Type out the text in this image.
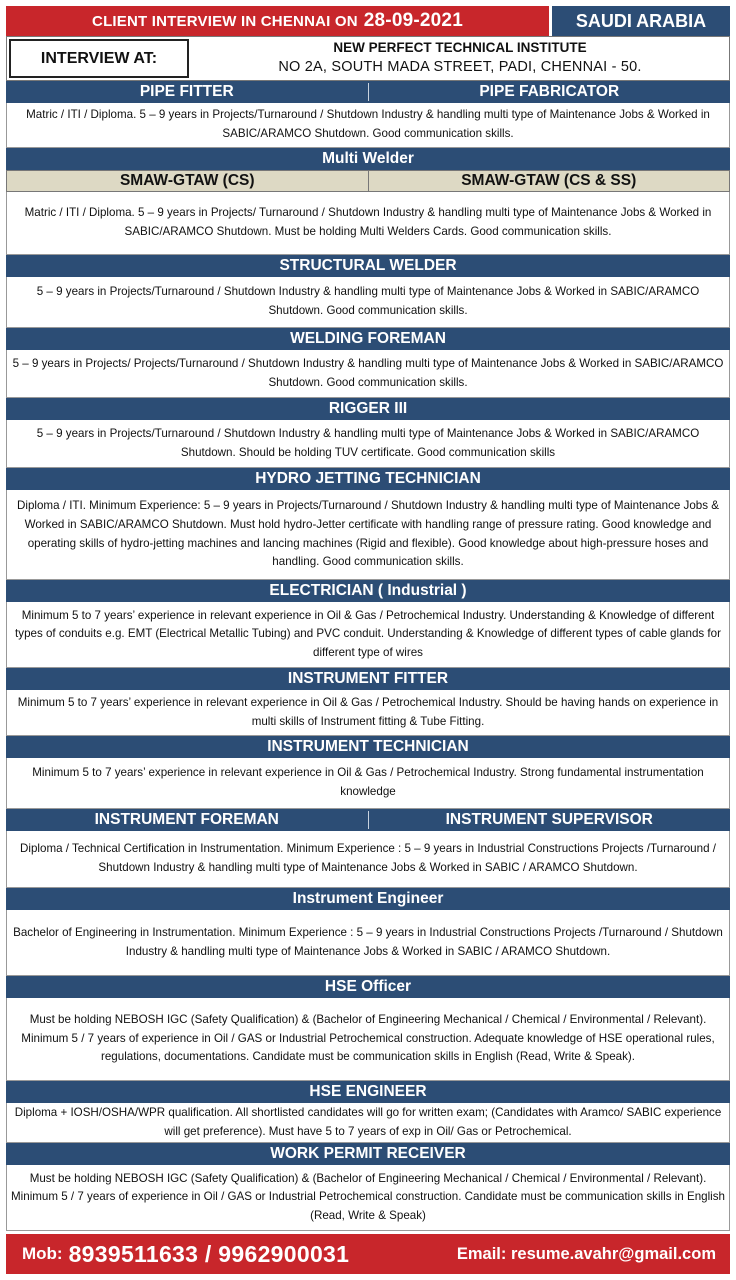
CLIENT INTERVIEW IN CHENNAI ON 28-09-2021	SAUDI ARABIA
INTERVIEW AT:
NEW PERFECT TECHNICAL INSTITUTE
NO 2A, SOUTH MADA STREET, PADI, CHENNAI - 50.
PIPE FITTER	PIPE FABRICATOR
Matric / ITI / Diploma. 5 – 9 years in Projects/Turnaround / Shutdown Industry & handling multi type of Maintenance Jobs & Worked in SABIC/ARAMCO Shutdown. Good communication skills.
Multi Welder
SMAW-GTAW (CS)	SMAW-GTAW (CS & SS)
Matric / ITI / Diploma. 5 – 9 years in Projects/ Turnaround / Shutdown Industry & handling multi type of Maintenance Jobs & Worked in SABIC/ARAMCO Shutdown. Must be holding Multi Welders Cards. Good communication skills.
STRUCTURAL WELDER
5 – 9 years in Projects/Turnaround / Shutdown Industry & handling multi type of Maintenance Jobs & Worked in SABIC/ARAMCO Shutdown. Good communication skills.
WELDING FOREMAN
5 – 9 years in Projects/ Projects/Turnaround / Shutdown Industry & handling multi type of Maintenance Jobs & Worked in SABIC/ARAMCO Shutdown. Good communication skills.
RIGGER III
5 – 9 years in Projects/Turnaround / Shutdown Industry & handling multi type of Maintenance Jobs & Worked in SABIC/ARAMCO Shutdown. Should be holding TUV certificate. Good communication skills
HYDRO JETTING TECHNICIAN
Diploma / ITI. Minimum Experience: 5 – 9 years in Projects/Turnaround / Shutdown Industry & handling multi type of Maintenance Jobs & Worked in SABIC/ARAMCO Shutdown. Must hold hydro-Jetter certificate with handling range of pressure rating. Good knowledge and operating skills of hydro-jetting machines and lancing machines (Rigid and flexible). Good knowledge about high-pressure hoses and handling. Good communication skills.
ELECTRICIAN ( Industrial )
Minimum 5 to 7 years’ experience in relevant experience in Oil & Gas / Petrochemical Industry. Understanding & Knowledge of different types of conduits e.g. EMT (Electrical Metallic Tubing) and PVC conduit. Understanding & Knowledge of different types of cable glands for different type of wires
INSTRUMENT FITTER
Minimum 5 to 7 years’ experience in relevant experience in Oil & Gas / Petrochemical Industry. Should be having hands on experience in multi skills of Instrument fitting & Tube Fitting.
INSTRUMENT TECHNICIAN
Minimum 5 to 7 years’ experience in relevant experience in Oil & Gas / Petrochemical Industry. Strong fundamental instrumentation knowledge
INSTRUMENT FOREMAN	INSTRUMENT SUPERVISOR
Diploma / Technical Certification in Instrumentation. Minimum Experience : 5 – 9 years in Industrial Constructions Projects /Turnaround / Shutdown Industry & handling multi type of Maintenance Jobs & Worked in SABIC / ARAMCO Shutdown.
Instrument Engineer
Bachelor of Engineering in Instrumentation. Minimum Experience : 5 – 9 years in Industrial Constructions Projects /Turnaround / Shutdown Industry & handling multi type of Maintenance Jobs & Worked in SABIC / ARAMCO Shutdown.
HSE Officer
Must be holding NEBOSH IGC (Safety Qualification) & (Bachelor of Engineering Mechanical / Chemical / Environmental / Relevant). Minimum 5 / 7 years of experience in Oil / GAS or Industrial Petrochemical construction. Adequate knowledge of HSE operational rules, regulations, documentations. Candidate must be communication skills in English (Read, Write & Speak).
HSE ENGINEER
Diploma + IOSH/OSHA/WPR qualification. All shortlisted candidates will go for written exam; (Candidates with Aramco/ SABIC experience will get preference). Must have 5 to 7 years of exp in Oil/ Gas or Petrochemical.
WORK PERMIT RECEIVER
Must be holding NEBOSH IGC (Safety Qualification) & (Bachelor of Engineering Mechanical / Chemical / Environmental / Relevant). Minimum 5 / 7 years of experience in Oil / GAS or Industrial Petrochemical construction. Candidate must be communication skills in English (Read, Write & Speak)
Mob: 8939511633 / 9962900031	Email: resume.avahr@gmail.com
